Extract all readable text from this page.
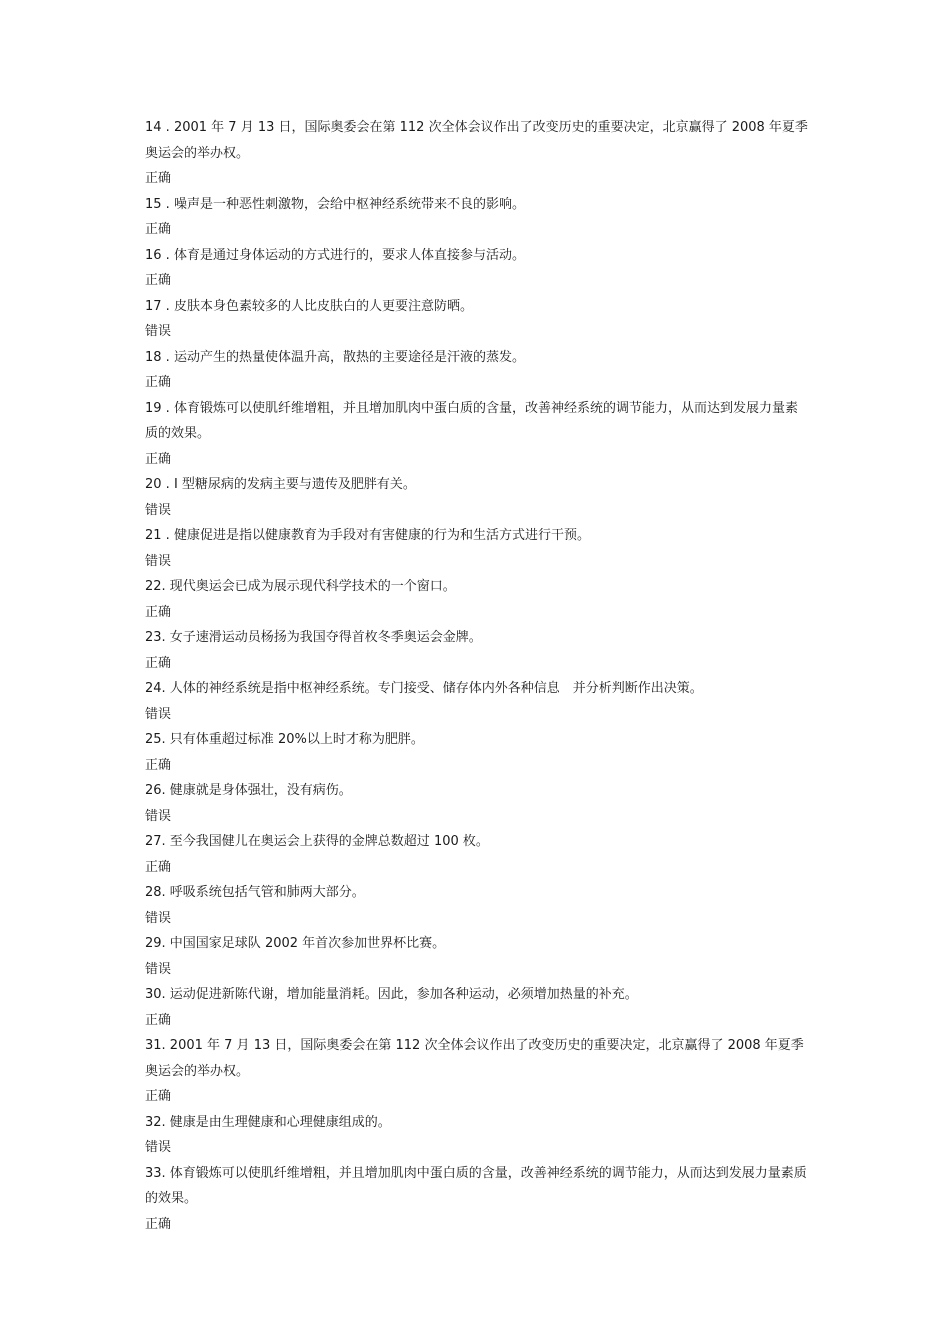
14 . 2001 年 7 月 13 日，国际奥委会在第 112 次全体会议作出了改变历史的重要决定，北京赢得了 2008 年夏季奥运会的举办权。

正确

15 . 噪声是一种恶性刺激物，会给中枢神经系统带来不良的影响。

正确

16 . 体育是通过身体运动的方式进行的，要求人体直接参与活动。

正确

17 . 皮肤本身色素较多的人比皮肤白的人更要注意防晒。

错误

18 . 运动产生的热量使体温升高，散热的主要途径是汗液的蒸发。

正确

19 . 体育锻炼可以使肌纤维增粗，并且增加肌肉中蛋白质的含量，改善神经系统的调节能力，从而达到发展力量素质的效果。

正确

20 . I 型糖尿病的发病主要与遗传及肥胖有关。

错误

21 . 健康促进是指以健康教育为手段对有害健康的行为和生活方式进行干预。

错误

22. 现代奥运会已成为展示现代科学技术的一个窗口。

正确

23. 女子速滑运动员杨扬为我国夺得首枚冬季奥运会金牌。

正确

24. 人体的神经系统是指中枢神经系统。专门接受、储存体内外各种信息　并分析判断作出决策。

错误

25. 只有体重超过标准 20%以上时才称为肥胖。

正确

26. 健康就是身体强壮，没有病伤。

错误

27. 至今我国健儿在奥运会上获得的金牌总数超过 100 枚。

正确

28. 呼吸系统包括气管和肺两大部分。

错误

29. 中国国家足球队 2002 年首次参加世界杯比赛。

错误

30. 运动促进新陈代谢，增加能量消耗。因此，参加各种运动，必须增加热量的补充。

正确

31. 2001 年 7 月 13 日，国际奥委会在第 112 次全体会议作出了改变历史的重要决定，北京赢得了 2008 年夏季奥运会的举办权。

正确

32. 健康是由生理健康和心理健康组成的。

错误

33. 体育锻炼可以使肌纤维增粗，并且增加肌肉中蛋白质的含量，改善神经系统的调节能力，从而达到发展力量素质的效果。

正确
